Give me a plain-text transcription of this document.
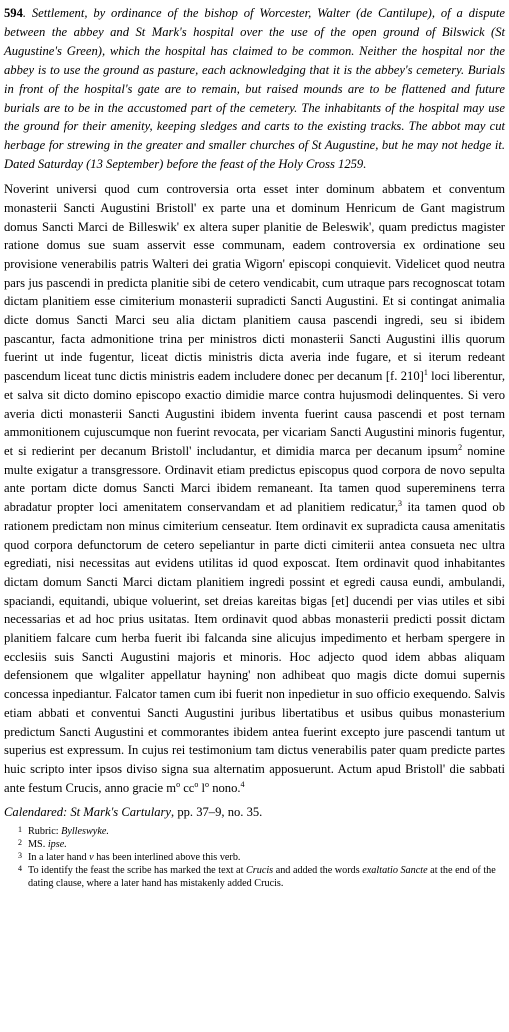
594. Settlement, by ordinance of the bishop of Worcester, Walter (de Cantilupe), of a dispute between the abbey and St Mark's hospital over the use of the open ground of Bilswick (St Augustine's Green), which the hospital has claimed to be common. Neither the hospital nor the abbey is to use the ground as pasture, each acknowledging that it is the abbey's cemetery. Burials in front of the hospital's gate are to remain, but raised mounds are to be flattened and future burials are to be in the accustomed part of the cemetery. The inhabitants of the hospital may use the ground for their amenity, keeping sledges and carts to the existing tracks. The abbot may cut herbage for strewing in the greater and smaller churches of St Augustine, but he may not hedge it. Dated Saturday (13 September) before the feast of the Holy Cross 1259.

Noverint universi quod cum controversia orta esset inter dominum abbatem et conventum monasterii Sancti Augustini Bristoll' ex parte una et dominum Henricum de Gant magistrum domus Sancti Marci de Billeswik' ex altera super planitie de Beleswik', quam predictus magister ratione domus sue suam asservit esse communam, eadem controversia ex ordinatione seu provisione venerabilis patris Walteri dei gratia Wigorn' episcopi conquievit. Videlicet quod neutra pars jus pascendi in predicta planitie sibi de cetero vendicabit, cum utraque pars recognoscat totam dictam planitiem esse cimiterium monasterii supradicti Sancti Augustini. Et si contingat animalia dicte domus Sancti Marci seu alia dictam planitiem causa pascendi ingredi, seu si ibidem pascantur, facta admonitione trina per ministros dicti monasterii Sancti Augustini illis quorum fuerint ut inde fugentur, liceat dictis ministris dicta averia inde fugare, et si iterum redeant pascendum liceat tunc dictis ministris eadem includere donec per decanum [f. 210]$^1$ loci liberentur, et salva sit dicto domino episcopo exactio dimidie marce contra hujusmodi delinquentes. Si vero averia dicti monasterii Sancti Augustini ibidem inventa fuerint causa pascendi et post ternam ammonitionem cujuscumque non fuerint revocata, per vicariam Sancti Augustini minoris fugentur, et si redierint per decanum Bristoll' includantur, et dimidia marca per decanum ipsum$^2$ nomine multe exigatur a transgressore. Ordinavit etiam predictus episcopus quod corpora de novo sepulta ante portam dicte domus Sancti Marci ibidem remaneant. Ita tamen quod supereminens terra abradatur propter loci amenitatem conservandam et ad planitiem redicatur,$^3$ ita tamen quod ob rationem predictam non minus cimiterium censeatur. Item ordinavit ex supradicta causa amenitatis quod corpora defunctorum de cetero sepeliantur in parte dicti cimiterii antea consueta nec ultra egrediati, nisi necessitas aut evidens utilitas id quod exposcat. Item ordinavit quod inhabitantes dictam domum Sancti Marci dictam planitiem ingredi possint et egredi causa eundi, ambulandi, spaciandi, equitandi, ubique voluerint, set dreias kareitas bigas [et] ducendi per vias utiles et sibi necessarias et ad hoc prius usitatas. Item ordinavit quod abbas monasterii predicti possit dictam planitiem falcare cum herba fuerit ibi falcanda sine alicujus impedimento et herbam spergere in ecclesiis suis Sancti Augustini majoris et minoris. Hoc adjecto quod idem abbas aliquam defensionem que wlgaliter appellatur hayning' non adhibeat quo magis dicte domui supernis concessa inpediantur. Falcator tamen cum ibi fuerit non inpedietur in suo officio exequendo. Salvis etiam abbati et conventui Sancti Augustini juribus libertatibus et usibus quibus monasterium predictum Sancti Augustini et commorantes ibidem antea fuerint excepto jure pascendi tantum ut superius est expressum. In cujus rei testimonium tam dictus venerabilis pater quam predicte partes huic scripto inter ipsos diviso signa sua alternatim apposuerunt. Actum apud Bristoll' die sabbati ante festum Crucis, anno gracie $m^o$ $cc^o$ $l^o$ nono.$^4$

Calendared: St Mark's Cartulary, pp. 37–9, no. 35.

1 Rubric: Bylleswyke.
2 MS. ipse.
3 In a later hand v has been interlined above this verb.
4 To identify the feast the scribe has marked the text at Crucis and added the words exaltatio Sancte at the end of the dating clause, where a later hand has mistakenly added Crucis.
